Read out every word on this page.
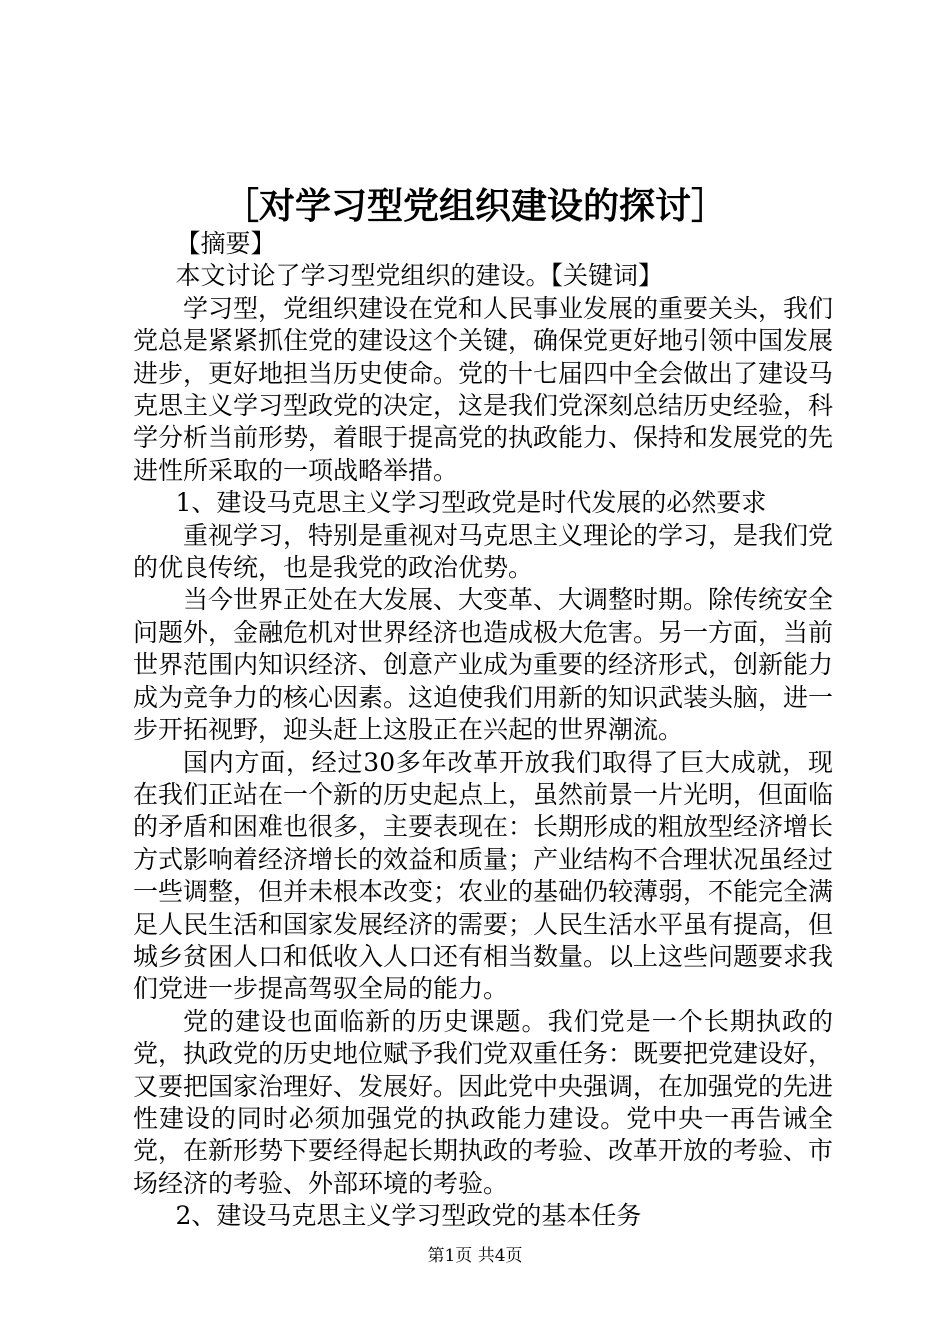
［对学习型党组织建设的探讨］

【摘要】

本文讨论了学习型党组织的建设。【关键词】

学习型，党组织建设在党和人民事业发展的重要关头，我们党总是紧紧抓住党的建设这个关键，确保党更好地引领中国发展进步，更好地担当历史使命。党的十七届四中全会做出了建设马克思主义学习型政党的决定，这是我们党深刻总结历史经验，科学分析当前形势，着眼于提高党的执政能力、保持和发展党的先进性所采取的一项战略举措。

1、建设马克思主义学习型政党是时代发展的必然要求

重视学习，特别是重视对马克思主义理论的学习，是我们党的优良传统，也是我党的政治优势。

当今世界正处在大发展、大变革、大调整时期。除传统安全问题外，金融危机对世界经济也造成极大危害。另一方面，当前世界范围内知识经济、创意产业成为重要的经济形式，创新能力成为竞争力的核心因素。这迫使我们用新的知识武装头脑，进一步开拓视野，迎头赶上这股正在兴起的世界潮流。

国内方面，经过30多年改革开放我们取得了巨大成就，现在我们正站在一个新的历史起点上，虽然前景一片光明，但面临的矛盾和困难也很多，主要表现在：长期形成的粗放型经济增长方式影响着经济增长的效益和质量；产业结构不合理状况虽经过一些调整，但并未根本改变；农业的基础仍较薄弱，不能完全满足人民生活和国家发展经济的需要；人民生活水平虽有提高，但城乡贫困人口和低收入人口还有相当数量。以上这些问题要求我们党进一步提高驾驭全局的能力。

党的建设也面临新的历史课题。我们党是一个长期执政的党，执政党的历史地位赋予我们党双重任务：既要把党建设好，又要把国家治理好、发展好。因此党中央强调，在加强党的先进性建设的同时必须加强党的执政能力建设。党中央一再告诫全党，在新形势下要经得起长期执政的考验、改革开放的考验、市场经济的考验、外部环境的考验。

2、建设马克思主义学习型政党的基本任务

第1页 共4页
